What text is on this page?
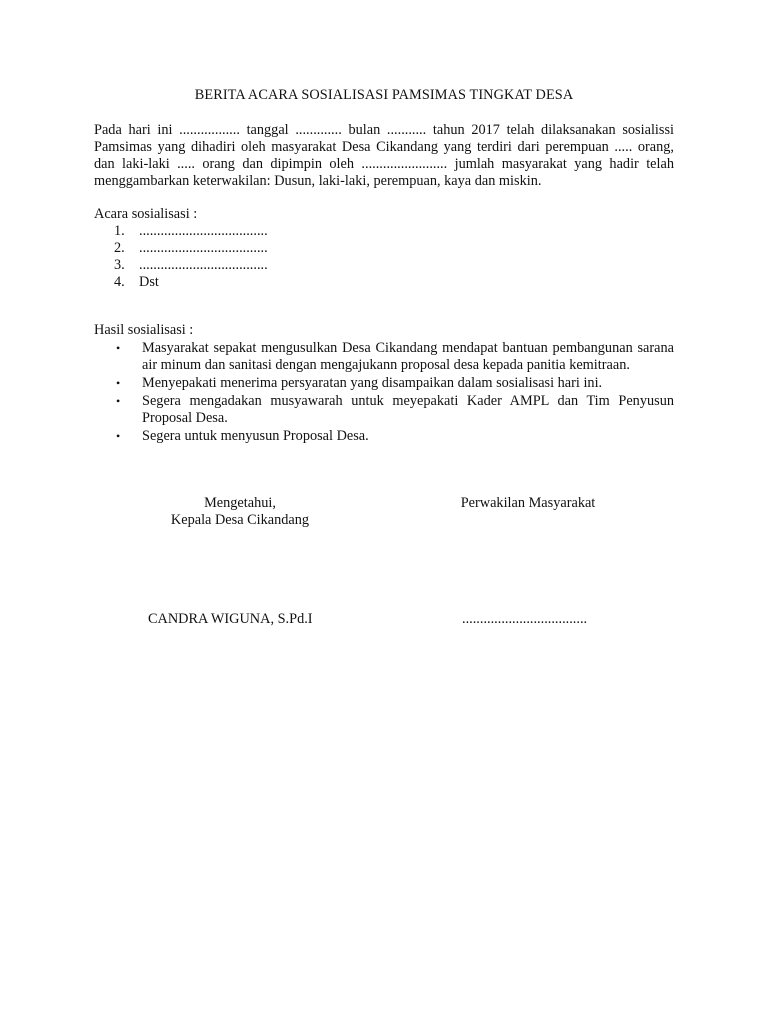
BERITA ACARA SOSIALISASI PAMSIMAS TINGKAT DESA

Pada hari ini ................. tanggal ............. bulan ........... tahun 2017 telah dilaksanakan sosialissi Pamsimas yang dihadiri oleh masyarakat Desa Cikandang yang terdiri dari perempuan ..... orang, dan laki-laki ..... orang dan dipimpin oleh ........................ jumlah masyarakat yang hadir telah menggambarkan keterwakilan: Dusun, laki-laki, perempuan, kaya dan miskin.

Acara sosialisasi :
1. ....................................
2. ....................................
3. ....................................
4. Dst
Hasil sosialisasi :
•	Masyarakat sepakat mengusulkan Desa Cikandang mendapat bantuan pembangunan sarana air minum dan sanitasi dengan mengajukann proposal desa kepada panitia kemitraan.
•	Menyepakati menerima persyaratan yang disampaikan dalam sosialisasi hari ini.
•	Segera mengadakan musyawarah untuk meyepakati Kader AMPL dan Tim Penyusun Proposal Desa.
•	Segera untuk menyusun Proposal Desa.
Mengetahui,
Kepala Desa Cikandang
Perwakilan Masyarakat
CANDRA WIGUNA, S.Pd.I	...................................
